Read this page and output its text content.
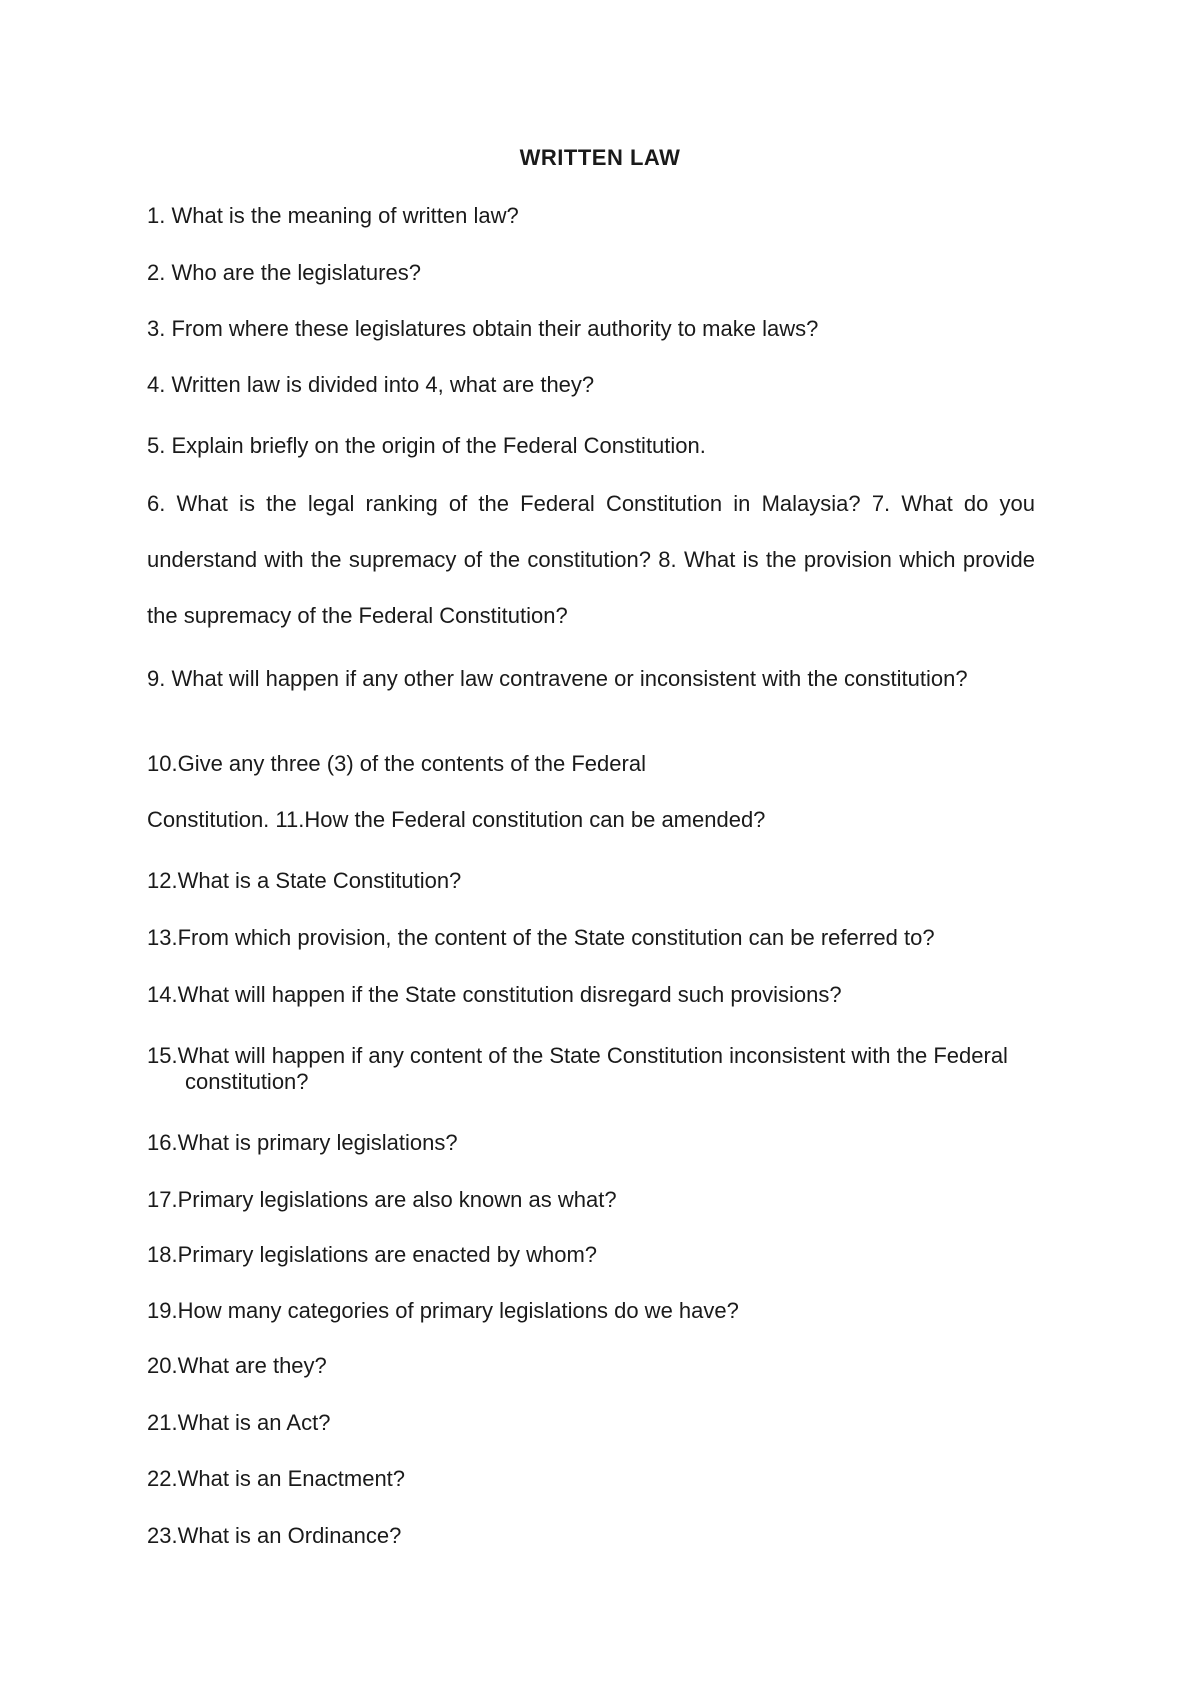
WRITTEN LAW
1. What is the meaning of written law?
2. Who are the legislatures?
3. From where these legislatures obtain their authority to make laws?
4. Written law is divided into 4, what are they?
5. Explain briefly on the origin of the Federal Constitution.
6. What is the legal ranking of the Federal Constitution in Malaysia? 7. What do you understand with the supremacy of the constitution? 8. What is the provision which provide the supremacy of the Federal Constitution?
9. What will happen if any other law contravene or inconsistent with the constitution?
10.Give any three (3) of the contents of the Federal
Constitution. 11.How the Federal constitution can be amended?
12.What is a State Constitution?
13.From which provision, the content of the State constitution can be referred to?
14.What will happen if the State constitution disregard such provisions?
15.What will happen if any content of the State Constitution inconsistent with the Federal constitution?
16.What is primary legislations?
17.Primary legislations are also known as what?
18.Primary legislations are enacted by whom?
19.How many categories of primary legislations do we have?
20.What are they?
21.What is an Act?
22.What is an Enactment?
23.What is an Ordinance?
